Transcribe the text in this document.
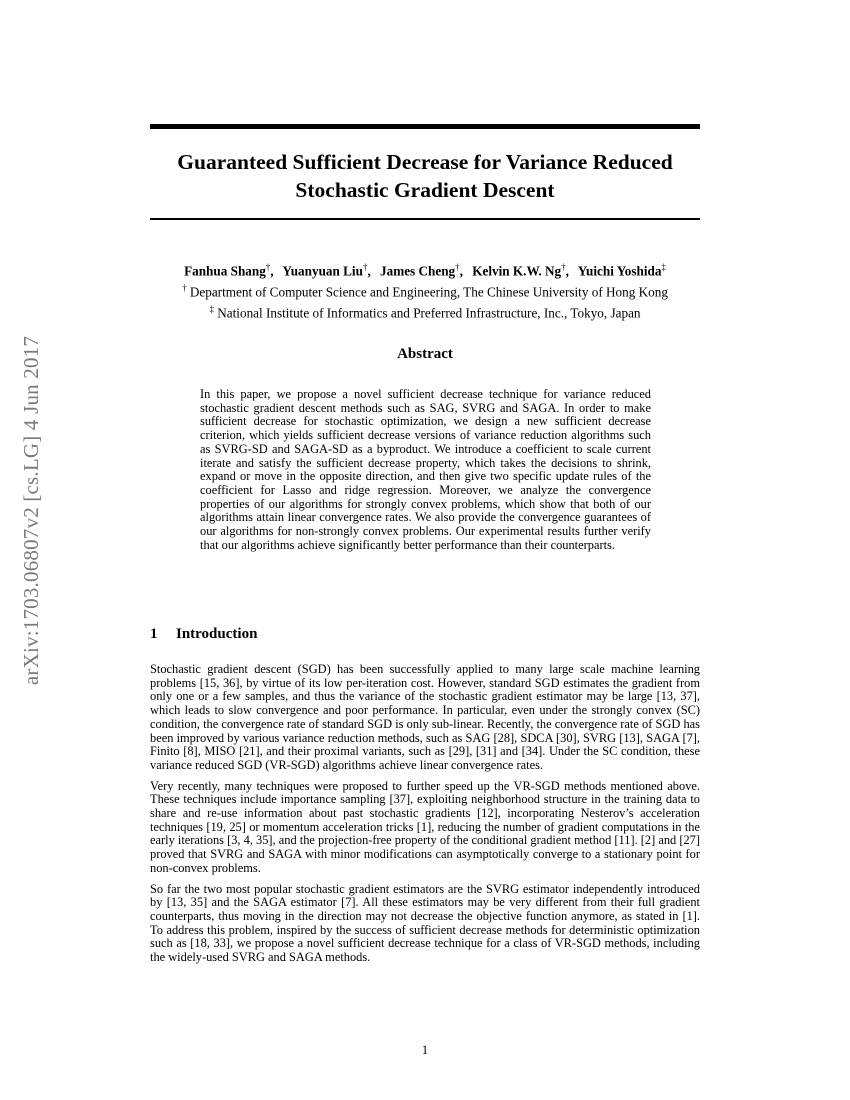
arXiv:1703.06807v2 [cs.LG] 4 Jun 2017
Guaranteed Sufficient Decrease for Variance Reduced
Stochastic Gradient Descent
Fanhua Shang†, Yuanyuan Liu†, James Cheng†, Kelvin K.W. Ng†, Yuichi Yoshida‡
† Department of Computer Science and Engineering, The Chinese University of Hong Kong
‡ National Institute of Informatics and Preferred Infrastructure, Inc., Tokyo, Japan
Abstract
In this paper, we propose a novel sufficient decrease technique for variance reduced stochastic gradient descent methods such as SAG, SVRG and SAGA. In order to make sufficient decrease for stochastic optimization, we design a new sufficient decrease criterion, which yields sufficient decrease versions of variance reduction algorithms such as SVRG-SD and SAGA-SD as a byproduct. We introduce a coefficient to scale current iterate and satisfy the sufficient decrease property, which takes the decisions to shrink, expand or move in the opposite direction, and then give two specific update rules of the coefficient for Lasso and ridge regression. Moreover, we analyze the convergence properties of our algorithms for strongly convex problems, which show that both of our algorithms attain linear convergence rates. We also provide the convergence guarantees of our algorithms for non-strongly convex problems. Our experimental results further verify that our algorithms achieve significantly better performance than their counterparts.
1 Introduction

Stochastic gradient descent (SGD) has been successfully applied to many large scale machine learning problems [15, 36], by virtue of its low per-iteration cost. However, standard SGD estimates the gradient from only one or a few samples, and thus the variance of the stochastic gradient estimator may be large [13, 37], which leads to slow convergence and poor performance. In particular, even under the strongly convex (SC) condition, the convergence rate of standard SGD is only sub-linear. Recently, the convergence rate of SGD has been improved by various variance reduction methods, such as SAG [28], SDCA [30], SVRG [13], SAGA [7], Finito [8], MISO [21], and their proximal variants, such as [29], [31] and [34]. Under the SC condition, these variance reduced SGD (VR-SGD) algorithms achieve linear convergence rates.

Very recently, many techniques were proposed to further speed up the VR-SGD methods mentioned above. These techniques include importance sampling [37], exploiting neighborhood structure in the training data to share and re-use information about past stochastic gradients [12], incorporating Nesterov’s acceleration techniques [19, 25] or momentum acceleration tricks [1], reducing the number of gradient computations in the early iterations [3, 4, 35], and the projection-free property of the conditional gradient method [11]. [2] and [27] proved that SVRG and SAGA with minor modifications can asymptotically converge to a stationary point for non-convex problems.

So far the two most popular stochastic gradient estimators are the SVRG estimator independently introduced by [13, 35] and the SAGA estimator [7]. All these estimators may be very different from their full gradient counterparts, thus moving in the direction may not decrease the objective function anymore, as stated in [1]. To address this problem, inspired by the success of sufficient decrease methods for deterministic optimization such as [18, 33], we propose a novel sufficient decrease technique for a class of VR-SGD methods, including the widely-used SVRG and SAGA methods.

1
